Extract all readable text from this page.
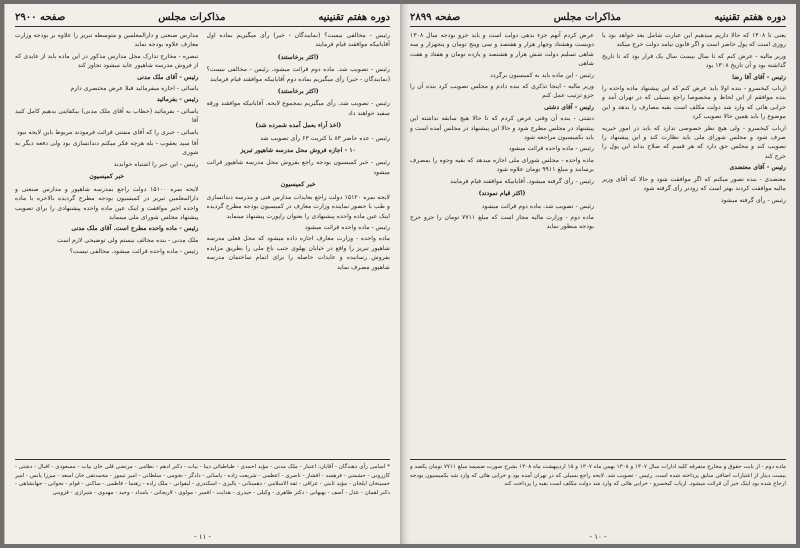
دوره هفتم تقنینیه
مذاکرات مجلس
صفحه ۲۹۰۰

رئیس - مخالفی نیست؟ (نمایندگان - خیر) رأی میگیریم بماده اول آقایانیکه موافقند قیام فرمایند

(اکثر برخاستند)

رئیس - تصویب شد. ماده دوم قرائت میشود. رئیس - مخالفی نیست؟ (نمایندگان - خیر) رأی میگیریم بماده دوم آقایانیکه موافقند قیام فرمایند

(اکثر برخاستند)

رئیس - تصویب شد. رأی میگیریم بمجموع لایحه. آقایانیکه موافقند ورقه سفید خواهند داد

(اخذ آراء بعمل آمده شمرده شد)

رئیس - عده حاضر ۸۳ با کثریت ۶۳ رأی تصویب شد

۱۰ - اجازه فروش محل مدرسه شاهپور تبریز

رئیس - خبر کمیسیون بودجه راجع بفروش محل مدرسه شاهپور قرائت میشود

خبر کمیسیون

لایحه نمره ۱۵۱۲۰ دولت راجع بعایدات مدارس فنی و مدرسه دندانسازی و طب با حضور نماینده وزارت معارف در کمیسیون بودجه مطرح گردیده اینک عین ماده واحده پیشنهادی را بعنوان راپورت پیشنهاد مینماید

رئیس - ماده واحده قرائت میشود

ماده واحده - وزارت معارف اجازه داده میشود که محل فعلی مدرسه شاهپور تبریز را واقع در خیابان پهلوی جنب باغ ملی را بطریق مزایده بفروش رسانیده و عایدات حاصله را برای اتمام ساختمان مدرسه شاهپور مصرف نماید

مدارس صنعتی و دارالمعلمین و متوسطه تبریز را علاوه بر بودجه وزارت معارف علاوه بودجه نماید

تبصره - مخارج تدارک محل مدارس مذکور در این ماده باید از عایدی که از فروش مدرسه شاهپور عاید میشود تجاوز کند

رئیس - آقای ملک مدنی

یاسائی - اجازه میفرمائید قبلا عرض مختصری دارم

رئیس - بفرمائید

یاسائی - بفرمائید (خطاب به آقای ملک مدنی) بیکفایتی بدهیم کامل کنید آقا

یاسائی - خبری را که آقای مشتی قرائت فرمودند مربوط باین لایحه نبود

آقا سید یعقوب - بله هرچه فکر میکنم دندانسازی بود ولی دفعه دیگر به شوری

رئیس - این خبر را اشتباه خواندند

خبر کمیسیون

لایحه نمره ۱۵۱۰۰ دولت راجع بمدرسه شاهپور و مدارس صنعتی و دارالمعلمین تبریز در کمیسیون بودجه مطرح گردیده بالاخره با ماده واحده اخیر موافقت و اینک عین ماده واحده پیشنهادی را برای تصویب پیشنهاد مجلس شورای ملی مینماید

رئیس - ماده واحده مطرح است. آقای ملک مدنی

ملک مدنی - بنده مخالف نیستم ولی توضیحی لازم است

رئیس - ماده واحده قرائت میشود. مخالفی نیست؟

* اسامی رأی دهندگان - آقایان: اعتبار - ملک مدنی - مؤید احمدی - طباطبائی دیبا - بیات - دکتر ادهم - نظامی - مرتضی قلی خان بیات - مسعودی - اقبال - دشتی - کازرونی - حشمتی - فرهمند - افشار - ناصری - اعظمی - شریعت زاده - یاسائی - دادگر - نجومی - سلطانی - امیر تیمور - محمدتقی خان اسعد - میرزا یانس - امیر حسینخان ایلخان - مؤید ثابتی - عراقی - ثقه الاسلامی - دهستانی - پالیزی - اسکندری - لیقوانی - ملک زاده - رهنما - فاطمی - ساکنی - قوام - نجوانی - جهانشاهی - دکتر لقمان - عدل - آصف - بهبهانی - دکتر طاهری - وکیلی - حیدری - هدایت - افسر - مولوی - لاریجانی - بامداد - وحید - مهدوی - شیرازی - قزوینی
- ۱۱ -
دوره هفتم تقنینیه
مذاکرات مجلس
صفحه ۲۸۹۹

یعنی تا ۱۳۰۸ که حالا داریم میدهیم این عبارت شامل بعد خواهد بود یا روزی است که پول حاضر است و اگر قانون نیامد دولت خرج میکند

وزیر مالیه - عرض کنم که تا سال بیست سال یک قرار بود که تا تاریخ گذاشته بود و آن تاریخ ۱۳۰۸ بود

رئیس - آقای آقا رضا

ارباب کیخسرو - بنده اولا باید عرض کنم که این پیشنهاد ماده واحده را بنده موافقم از این لحاظ و مخصوصا راجع بسیلی که در تهران آمد و خرابی هائی که وارد شد دولت مکلف است بقیه مصارف را بدهد و این موضوع را باید همین حالا تصویب کرد

ارباب کیخسرو - ولی هیچ نظر خصوصی ندارد که باید در امور خیریه صرف شود و مجلس شورای ملی باید نظارت کند و این پیشنهاد را تصویب کند و مجلس حق دارد که هر قسم که صلاح بداند این پول را خرج کند

رئیس - آقای معتضدی

معتضدی - بنده تصور میکنم که اگر موافقت شود و حالا که آقای وزیر مالیه موافقت کردند بهتر است که زودتر رأی گرفته شود

رئیس - رأی گرفته میشود

عرض کردم آنهم جزء بدهی دولت است و باید جزو بودجه سال ۱۳۰۸ دویست وهشتاد وچهار هزار و هفتصد و سی وپنج تومان و پنجهزار و سه شاهی تسلیم دولت شش هزار و هشتصد و یازده تومان و هفتاد و هفت شاهی

رئیس - این ماده باید به کمیسیون برگردد

وزیر مالیه - اینجا تذکری که بنده دادم و مجلس تصویب کرد بنده آن را جزو ترتیب عمل کنم

رئیس - آقای دشتی

دشتی - بنده آن وقتی عرض کردم که تا حالا هیچ سابقه نداشته این پیشنهاد در مجلس مطرح شود و حالا این پیشنهاد در مجلس آمده است و باید بکمیسیون مراجعه شود

رئیس - ماده واحده قرائت میشود

ماده واحده - مجلس شورای ملی اجازه میدهد که بقیه وجوه را بمصرف برسانند و مبلغ ۹۹۱۱ تومان علاوه شود

رئیس - رأی گرفته میشود. آقایانیکه موافقند قیام فرمایند

(اکثر قیام نمودند)

رئیس - تصویب شد. ماده دوم قرائت میشود

ماده دوم - وزارت مالیه مجاز است که مبلغ ۷۷۱۱ تومان را جزو خرج بودجه منظور نماید

ماده دوم - از بابت حقوق و مخارج متفرقه کلیه ادارات سال ۱۳۰۷ و ۱۳۰۸ بهمن ماه ۱۳۰۷ و ۱۵ اردیبهشت ماه ۱۳۰۸ بشرح صورت ضمیمه مبلغ ۷۷۱۱ تومان یکصد و بیست دینار از اعتبارات اضافی سابق پرداخته شده است. رئیس - تصویب شد. لایحه راجع بسیلی که در تهران آمده بود و خرابی هائی که وارد شد بکمیسیون بودجه ارجاع شده بود اینک خبر آن قرائت میشود. ارباب کیخسرو - خرابی هائی که وارد شد دولت مکلف است بقیه را پرداخت کند
- ۱۰ -
